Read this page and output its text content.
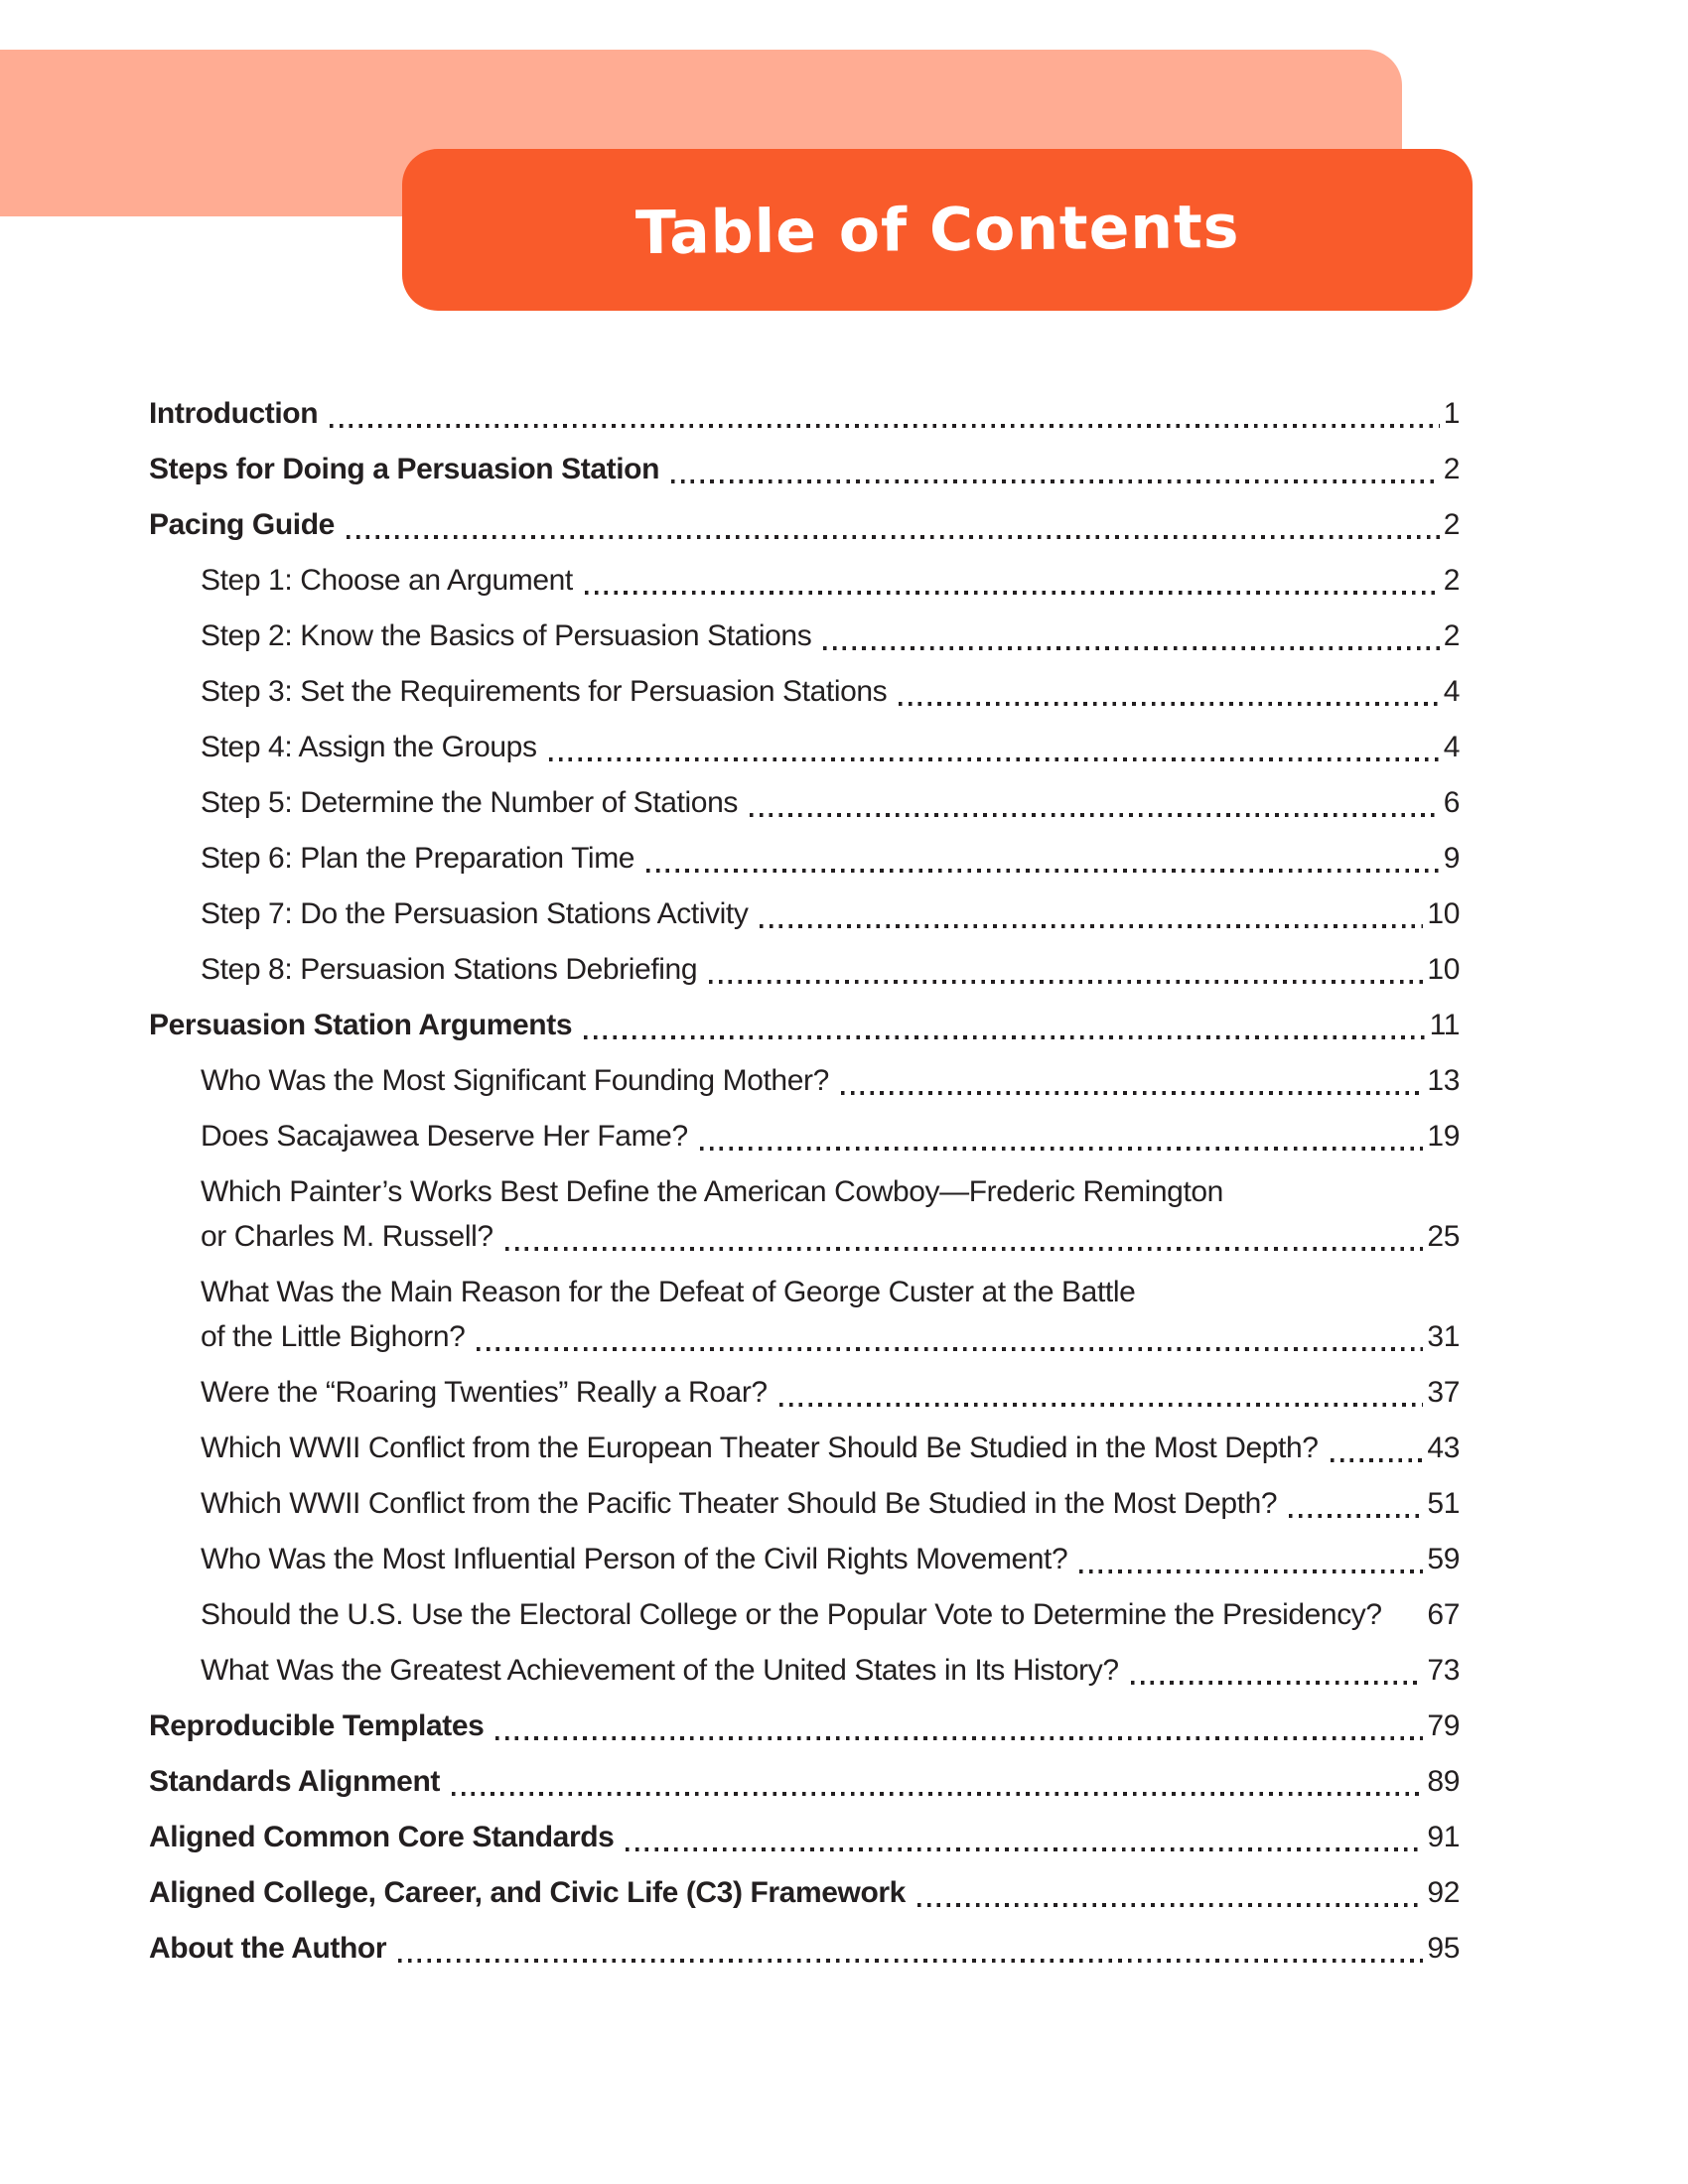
Table of Contents
Introduction	1
Steps for Doing a Persuasion Station	2
Pacing Guide	2
Step 1: Choose an Argument	2
Step 2: Know the Basics of Persuasion Stations	2
Step 3: Set the Requirements for Persuasion Stations	4
Step 4: Assign the Groups	4
Step 5: Determine the Number of Stations	6
Step 6: Plan the Preparation Time	9
Step 7: Do the Persuasion Stations Activity	10
Step 8: Persuasion Stations Debriefing	10
Persuasion Station Arguments	11
Who Was the Most Significant Founding Mother?	13
Does Sacajawea Deserve Her Fame?	19
Which Painter’s Works Best Define the American Cowboy—Frederic Remington
or Charles M. Russell?	25
What Was the Main Reason for the Defeat of George Custer at the Battle
of the Little Bighorn?	31
Were the “Roaring Twenties” Really a Roar?	37
Which WWII Conflict from the European Theater Should Be Studied in the Most Depth?	43
Which WWII Conflict from the Pacific Theater Should Be Studied in the Most Depth?	51
Who Was the Most Influential Person of the Civil Rights Movement?	59
Should the U.S. Use the Electoral College or the Popular Vote to Determine the Presidency? 67
What Was the Greatest Achievement of the United States in Its History?	73
Reproducible Templates	79
Standards Alignment	89
Aligned Common Core Standards	91
Aligned College, Career, and Civic Life (C3) Framework	92
About the Author	95
